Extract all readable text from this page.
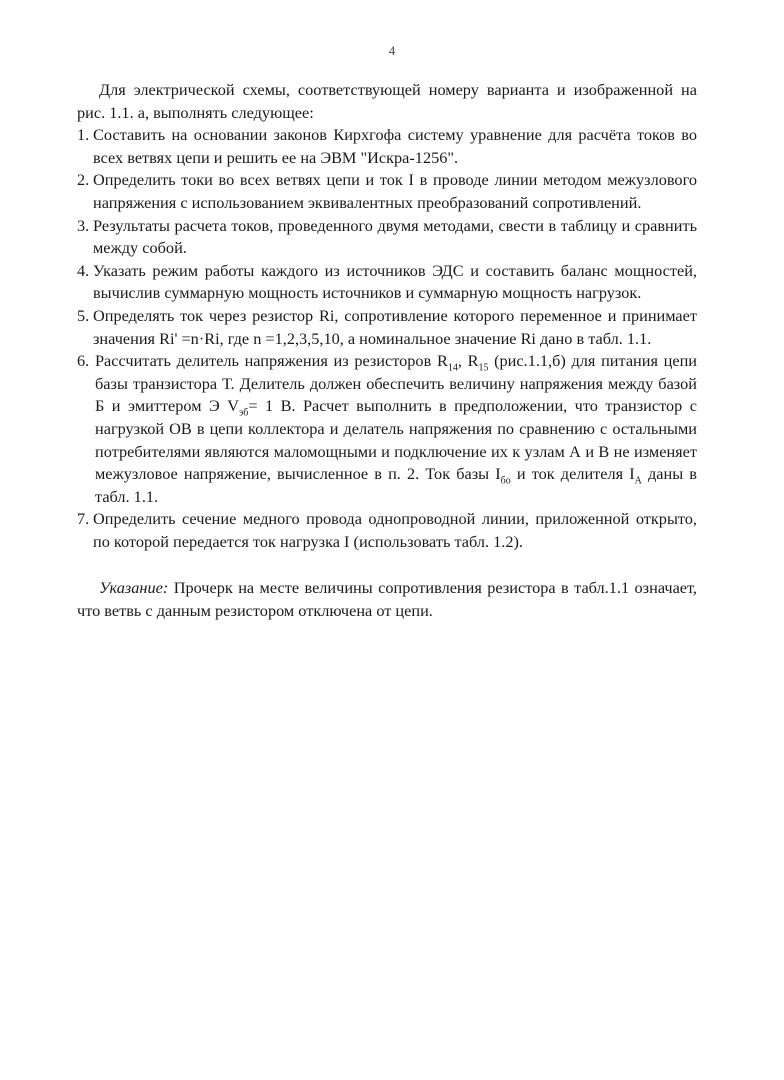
4

Для электрической схемы, соответствующей номеру варианта и изображенной на рис. 1.1. а, выполнять следующее:

1. Составить на основании законов Кирхгофа систему уравнение для расчёта токов во всех ветвях цепи и решить ее на ЭВМ "Искра-1256".
2. Определить токи во всех ветвях цепи и ток I в проводе линии методом межузлового напряжения с использованием эквивалентных преобразований сопротивлений.
3. Результаты расчета токов, проведенного двумя методами, свести в таблицу и сравнить между собой.
4. Указать режим работы каждого из источников ЭДС и составить баланс мощностей, вычислив суммарную мощность источников и суммарную мощность нагрузок.
5. Определять ток через резистор Ri, сопротивление которого переменное и принимает значения Ri' =n·Ri, где n =1,2,3,5,10, а номинальное значение Ri дано в табл. 1.1.
6. Рассчитать делитель напряжения из резисторов $R_{14}$, $R_{15}$ (рис.1.1,б) для питания цепи базы транзистора Т. Делитель должен обеспечить величину напряжения между базой Б и эмиттером Э $V_{эб}= 1$ В. Расчет выполнить в предположении, что транзистор с нагрузкой ОВ в цепи коллектора и делатель напряжения по сравнению с остальными потребителями являются маломощными и подключение их к узлам А и В не изменяет межузловое напряжение, вычисленное в п. 2. Ток базы $I_{бо}$ и ток делителя $I_А$ даны в табл. 1.1.
7. Определить сечение медного провода однопроводной линии, приложенной открыто, по которой передается ток нагрузка I (использовать табл. 1.2).

Указание: Прочерк на месте величины сопротивления резистора в табл.1.1 означает, что ветвь с данным резистором отключена от цепи.
